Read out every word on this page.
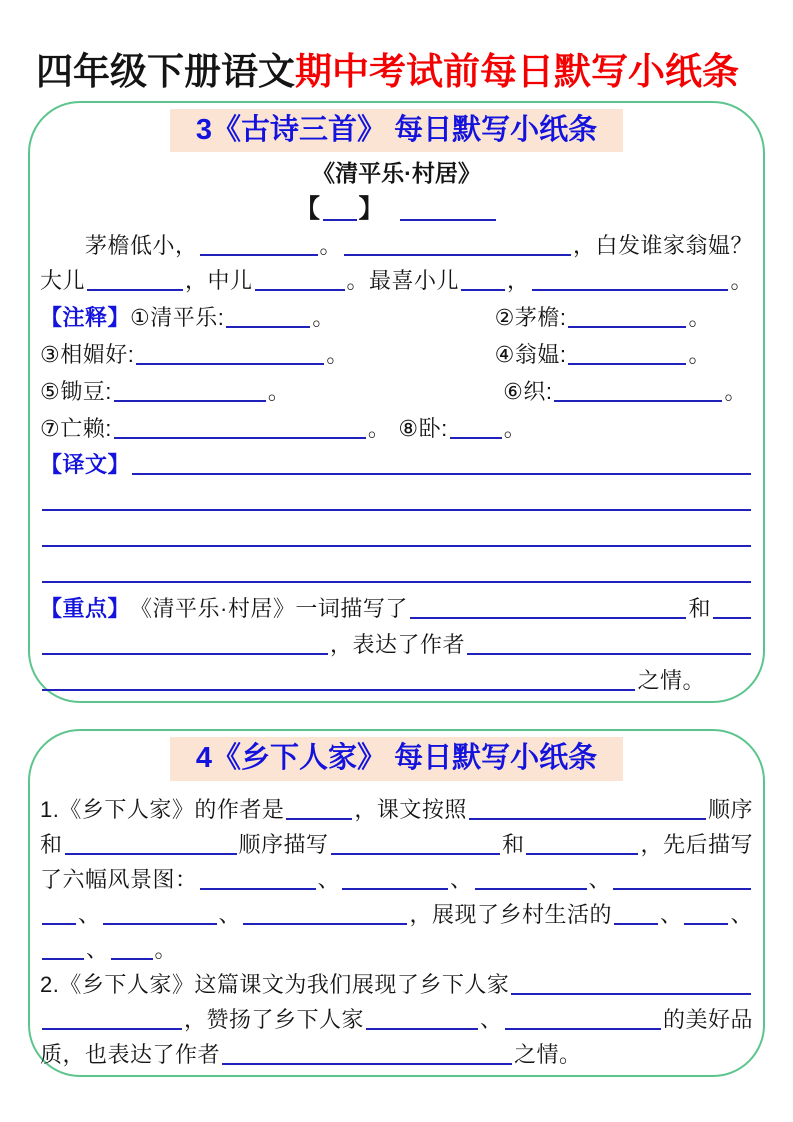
四年级下册语文期中考试前每日默写小纸条
3《古诗三首》 每日默写小纸条
《清平乐·村居》
【 】
茅檐低小，	。	，白发谁家翁媪？
大儿	，中儿	。最喜小儿 ，	。
【注释】 ①清平乐:	。	②茅檐:	。
③相媚好:	。	④翁媪:	。
⑤锄豆:	。	⑥织:	。
⑦亡赖:	。 ⑧卧:	。
【译文】
【重点】 《清平乐·村居》一词描写了	和
，表达了作者
之情。
4《乡下人家》 每日默写小纸条
1.《乡下人家》的作者是	，课文按照	顺序
和	顺序描写	和	，先后描写
了六幅风景图：	、	、	、
、	、	，展现了乡村生活的 、 、
、 。
2.《乡下人家》这篇课文为我们展现了乡下人家
，赞扬了乡下人家	、	的美好品
质，也表达了作者	之情。
